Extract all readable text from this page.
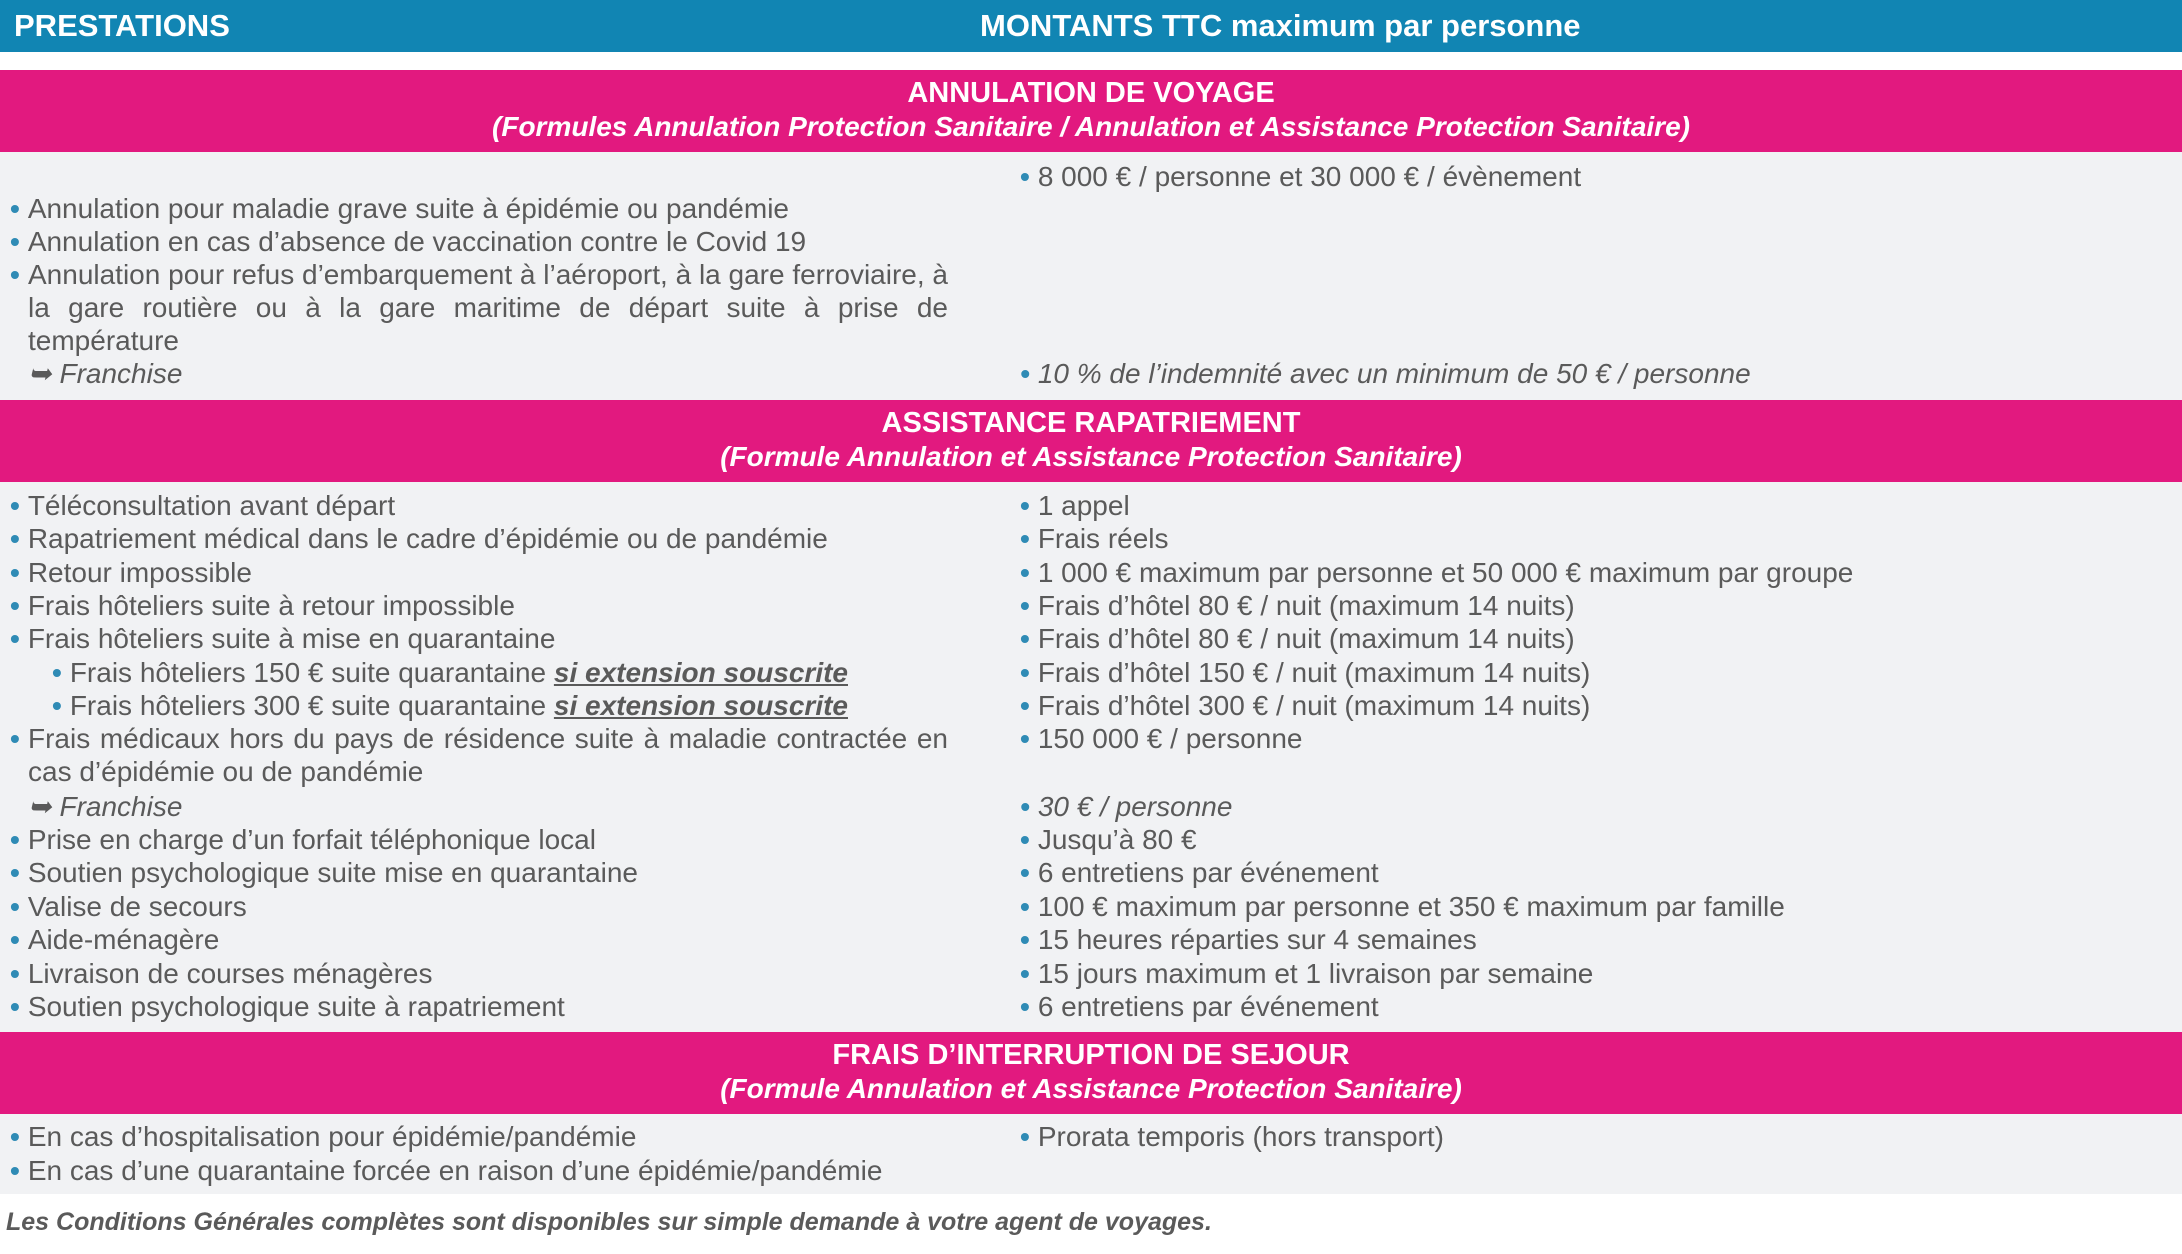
PRESTATIONS	MONTANTS TTC maximum par personne
ANNULATION DE VOYAGE
(Formules Annulation Protection Sanitaire / Annulation et Assistance Protection Sanitaire)
• Annulation pour maladie grave suite à épidémie ou pandémie
• Annulation en cas d’absence de vaccination contre le Covid 19
• Annulation pour refus d’embarquement à l’aéroport, à la gare ferroviaire, à la gare routière ou à la gare maritime de départ suite à prise de température
➥ Franchise
• 8 000 € / personne et 30 000 € / évènement
• 10 % de l’indemnité avec un minimum de 50 € / personne
ASSISTANCE RAPATRIEMENT
(Formule Annulation et Assistance Protection Sanitaire)
• Téléconsultation avant départ
• Rapatriement médical dans le cadre d’épidémie ou de pandémie
• Retour impossible
• Frais hôteliers suite à retour impossible
• Frais hôteliers suite à mise en quarantaine
• Frais hôteliers 150 € suite quarantaine si extension souscrite
• Frais hôteliers 300 € suite quarantaine si extension souscrite
• Frais médicaux hors du pays de résidence suite à maladie contractée en cas d’épidémie ou de pandémie
➥ Franchise
• Prise en charge d’un forfait téléphonique local
• Soutien psychologique suite mise en quarantaine
• Valise de secours
• Aide-ménagère
• Livraison de courses ménagères
• Soutien psychologique suite à rapatriement
• 1 appel
• Frais réels
• 1 000 € maximum par personne et 50 000 € maximum par groupe
• Frais d’hôtel 80 € / nuit (maximum 14 nuits)
• Frais d’hôtel 80 € / nuit (maximum 14 nuits)
• Frais d’hôtel 150 € / nuit (maximum 14 nuits)
• Frais d’hôtel 300 € / nuit (maximum 14 nuits)
• 150 000 € / personne
• 30 € / personne
• Jusqu’à 80 €
• 6 entretiens par événement
• 100 € maximum par personne et 350 € maximum par famille
• 15 heures réparties sur 4 semaines
• 15 jours maximum et 1 livraison par semaine
• 6 entretiens par événement
FRAIS D’INTERRUPTION DE SEJOUR
(Formule Annulation et Assistance Protection Sanitaire)
• En cas d’hospitalisation pour épidémie/pandémie
• En cas d’une quarantaine forcée en raison d’une épidémie/pandémie
• Prorata temporis (hors transport)
Les Conditions Générales complètes sont disponibles sur simple demande à votre agent de voyages.
